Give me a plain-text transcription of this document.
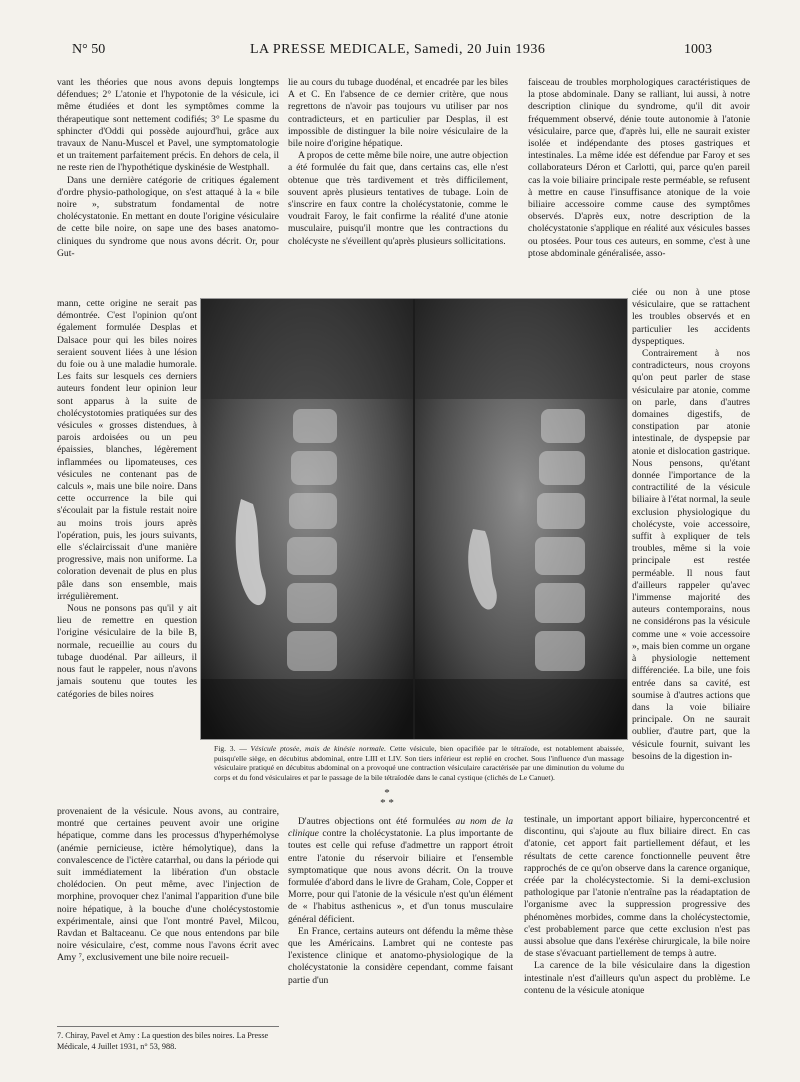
N° 50	LA PRESSE MEDICALE, Samedi, 20 Juin 1936	1003

vant les théories que nous avons depuis longtemps défendues; 2° L'atonie et l'hypotonie de la vésicule, ici même étudiées et dont les symptômes comme la thérapeutique sont nettement codifiés; 3° Le spasme du sphincter d'Oddi qui possède aujourd'hui, grâce aux travaux de Nanu-Muscel et Pavel, une symptomatologie et un traitement parfaitement précis. En dehors de cela, il ne reste rien de l'hypothétique dyskinésie de Westphall.

Dans une dernière catégorie de critiques également d'ordre physio-pathologique, on s'est attaqué à la « bile noire », substratum fondamental de notre cholécystatonie. En mettant en doute l'origine vésiculaire de cette bile noire, on sape une des bases anatomo-cliniques du syndrome que nous avons décrit. Or, pour Gut-

mann, cette origine ne serait pas démontrée. C'est l'opinion qu'ont également formulée Desplas et Dalsace pour qui les biles noires seraient souvent liées à une lésion du foie ou à une maladie humorale. Les faits sur lesquels ces derniers auteurs fondent leur opinion leur sont apparus à la suite de cholécystotomies pratiquées sur des vésicules « grosses distendues, à parois ardoisées ou un peu épaissies, blanches, légèrement inflammées ou lipomateuses, ces vésicules ne contenant pas de calculs », mais une bile noire. Dans cette occurrence la bile qui s'écoulait par la fistule restait noire au moins trois jours après l'opération, puis, les jours suivants, elle s'éclaircissait d'une manière progressive, mais non uniforme. La coloration devenait de plus en plus pâle dans son ensemble, mais irrégulièrement.

Nous ne ponsons pas qu'il y ait lieu de remettre en question l'origine vésiculaire de la bile B, normale, recueillie au cours du tubage duodénal. Par ailleurs, il nous faut le rappeler, nous n'avons jamais soutenu que toutes les catégories de biles noires

provenaient de la vésicule. Nous avons, au contraire, montré que certaines peuvent avoir une origine hépatique, comme dans les processus d'hyperhémolyse (anémie pernicieuse, ictère hémolytique), dans la convalescence de l'ictère catarrhal, ou dans la période qui suit immédiatement la libération d'un obstacle cholédocien. On peut même, avec l'injection de morphine, provoquer chez l'animal l'apparition d'une bile noire hépatique, à la bouche d'une cholécystostomie expérimentale, ainsi que l'ont montré Pavel, Milcou, Ravdan et Baltaceanu. Ce que nous entendons par bile noire vésiculaire, c'est, comme nous l'avons écrit avec Amy ⁷, exclusivement une bile noire recueil-

lie au cours du tubage duodénal, et encadrée par les biles A et C. En l'absence de ce dernier critère, que nous regrettons de n'avoir pas toujours vu utiliser par nos contradicteurs, et en particulier par Desplas, il est impossible de distinguer la bile noire vésiculaire de la bile noire d'origine hépatique.

A propos de cette même bile noire, une autre objection a été formulée du fait que, dans certains cas, elle n'est obtenue que très tardivement et très difficilement, souvent après plusieurs tentatives de tubage. Loin de s'inscrire en faux contre la cholécystatonie, comme le voudrait Faroy, le fait confirme la réalité d'une atonie musculaire, puisqu'il montre que les contractions du cholécyste ne s'éveillent qu'après plusieurs sollicitations.

faisceau de troubles morphologiques caractéristiques de la ptose abdominale. Dany se ralliant, lui aussi, à notre description clinique du syndrome, qu'il dit avoir fréquemment observé, dénie toute autonomie à l'atonie vésiculaire, parce que, d'après lui, elle ne saurait exister isolée et indépendante des ptoses gastriques et intestinales. La même idée est défendue par Faroy et ses collaborateurs Déron et Carlotti, qui, parce qu'en pareil cas la voie biliaire principale reste perméable, se refusent à mettre en cause l'insuffisance atonique de la voie biliaire accessoire comme cause des symptômes observés. D'après eux, notre description de la cholécystatonie s'applique en réalité aux vésicules basses ou ptosées. Pour tous ces auteurs, en somme, c'est à une ptose abdominale généralisée, asso-

ciée ou non à une ptose vésiculaire, que se rattachent les troubles observés et en particulier les accidents dyspeptiques.

Contrairement à nos contradicteurs, nous croyons qu'on peut parler de stase vésiculaire par atonie, comme on parle, dans d'autres domaines digestifs, de constipation par atonie intestinale, de dyspepsie par atonie et dislocation gastrique. Nous pensons, qu'étant donnée l'importance de la contractilité de la vésicule biliaire à l'état normal, la seule exclusion physiologique du cholécyste, voie accessoire, suffit à expliquer de tels troubles, même si la voie principale est restée perméable. Il nous faut d'ailleurs rappeler qu'avec l'immense majorité des auteurs contemporains, nous ne considérons pas la vésicule comme une « voie accessoire », mais bien comme un organe à physiologie nettement différenciée. La bile, une fois entrée dans sa cavité, est soumise à d'autres actions que dans la voie biliaire principale. On ne saurait oublier, d'autre part, que la vésicule fournit, suivant les besoins de la digestion in-

Fig. 3. — Vésicule ptosée, mais de kinésie normale. Cette vésicule, bien opacifiée par le tétraïode, est notablement abaissée, puisqu'elle siège, en décubitus abdominal, entre LIII et LIV. Son tiers inférieur est replié en crochet. Sous l'influence d'un massage vésiculaire pratiqué en décubitus abdominal on a provoqué une contraction vésiculaire caractérisée par une diminution du volume du corps et du fond vésiculaires et par le passage de la bile tétraïodée dans le canal cystique (clichés de Le Canuet).
*
* *

D'autres objections ont été formulées au nom de la clinique contre la cholécystatonie. La plus importante de toutes est celle qui refuse d'admettre un rapport étroit entre l'atonie du réservoir biliaire et l'ensemble symptomatique que nous avons décrit. On la trouve formulée d'abord dans le livre de Graham, Cole, Copper et Morre, pour qui l'atonie de la vésicule n'est qu'un élément de « l'habitus asthenicus », et d'un tonus musculaire général déficient.

En France, certains auteurs ont défendu la même thèse que les Américains. Lambret qui ne conteste pas l'existence clinique et anatomo-physiologique de la cholécystatonie la considère cependant, comme faisant partie d'un

testinale, un important apport biliaire, hyperconcentré et discontinu, qui s'ajoute au flux biliaire direct. En cas d'atonie, cet apport fait partiellement défaut, et les résultats de cette carence fonctionnelle peuvent être rapprochés de ce qu'on observe dans la carence organique, créée par la cholécystectomie. Si la demi-exclusion pathologique par l'atonie n'entraîne pas la réadaptation de l'organisme avec la suppression progressive des phénomènes morbides, comme dans la cholécystectomie, c'est probablement parce que cette exclusion n'est pas aussi absolue que dans l'exérèse chirurgicale, la bile noire de stase s'évacuant partiellement de temps à autre.

La carence de la bile vésiculaire dans la digestion intestinale n'est d'ailleurs qu'un aspect du problème. Le contenu de la vésicule atonique

7. Chiray, Pavel et Amy : La question des biles noires. La Presse Médicale, 4 Juillet 1931, n° 53, 988.
